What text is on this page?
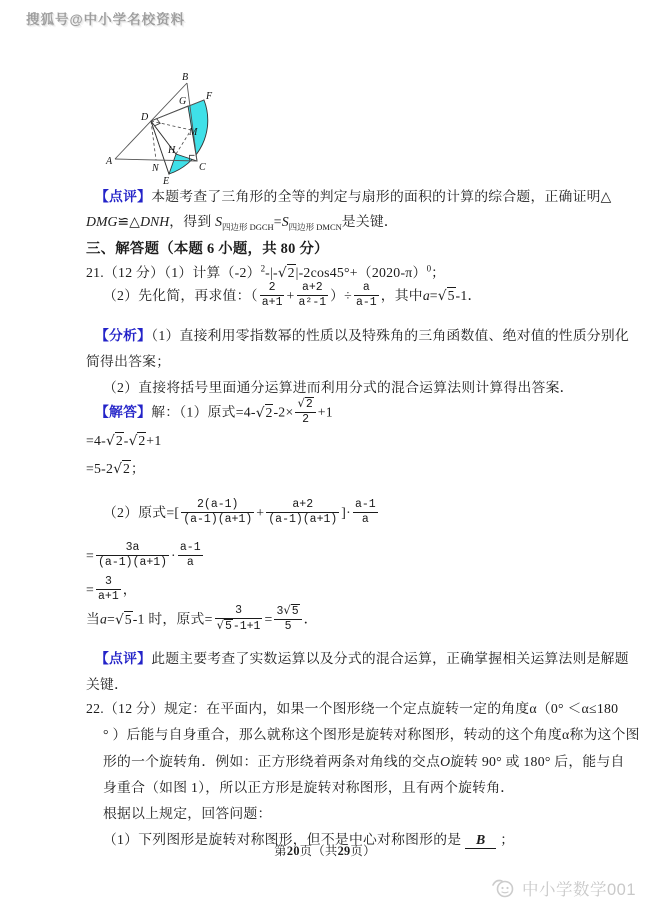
搜狐号@中小学名校资料
A
B
C
D
E
F
G
H
M
N
【点评】本题考查了三角形的全等的判定与扇形的面积的计算的综合题，正确证明△
DMG≌△DNH，得到 $S_{四边形 DGCH}=S_{四边形 DMCN}$是关键．
三、解答题（本题 6 小题，共 80 分）
21.（12 分）（1）计算$(-2)^2-|-√2|-2\cos 45^\circ+(2020-\pi)^0$；
（2）先化简，再求值：（ $\frac{2}{a+1} + \frac{a+2}{\text{a²-1}}$ ）÷ $\frac{a}{a-1}$ ，其中a=√5-1．
【分析】（1）直接利用零指数幂的性质以及特殊角的三角函数值、绝对值的性质分别化
简得出答案；
（2）直接将括号里面通分运算进而利用分式的混合运算法则计算得出答案．
【解答】解：（1）原式$=4-√2-2\times \frac{√2}{2} +1$
=4-√2-√2+1
=5-2√2；
（2）原式=[ $\frac{2(a-1)}{(a-1)(a+1)} + \frac{a+2}{(a-1)(a+1)}$ ]· $\frac{a-1}{a}$
= $\frac{3a}{(a-1)(a+1)} \cdot \frac{a-1}{a}$
= $\frac{3}{a+1}$ ，
当a=√5-1 时，原式= $\frac{3}{√5-1+1} = \frac{3√5}{5}$ ．
【点评】此题主要考查了实数运算以及分式的混合运算，正确掌握相关运算法则是解题
关键．
22.（12 分）规定：在平面内，如果一个图形绕一个定点旋转一定的角度α（0° ＜α≤180
° ）后能与自身重合，那么就称这个图形是旋转对称图形，转动的这个角度α称为这个图
形的一个旋转角．例如：正方形绕着两条对角线的交点O旋转 90° 或 180° 后，能与自
身重合（如图 1），所以正方形是旋转对称图形，且有两个旋转角．
根据以上规定，回答问题：
（1）下列图形是旋转对称图形，但不是中心对称图形的是 B ；
第20页（共29页）
中小学数学001
